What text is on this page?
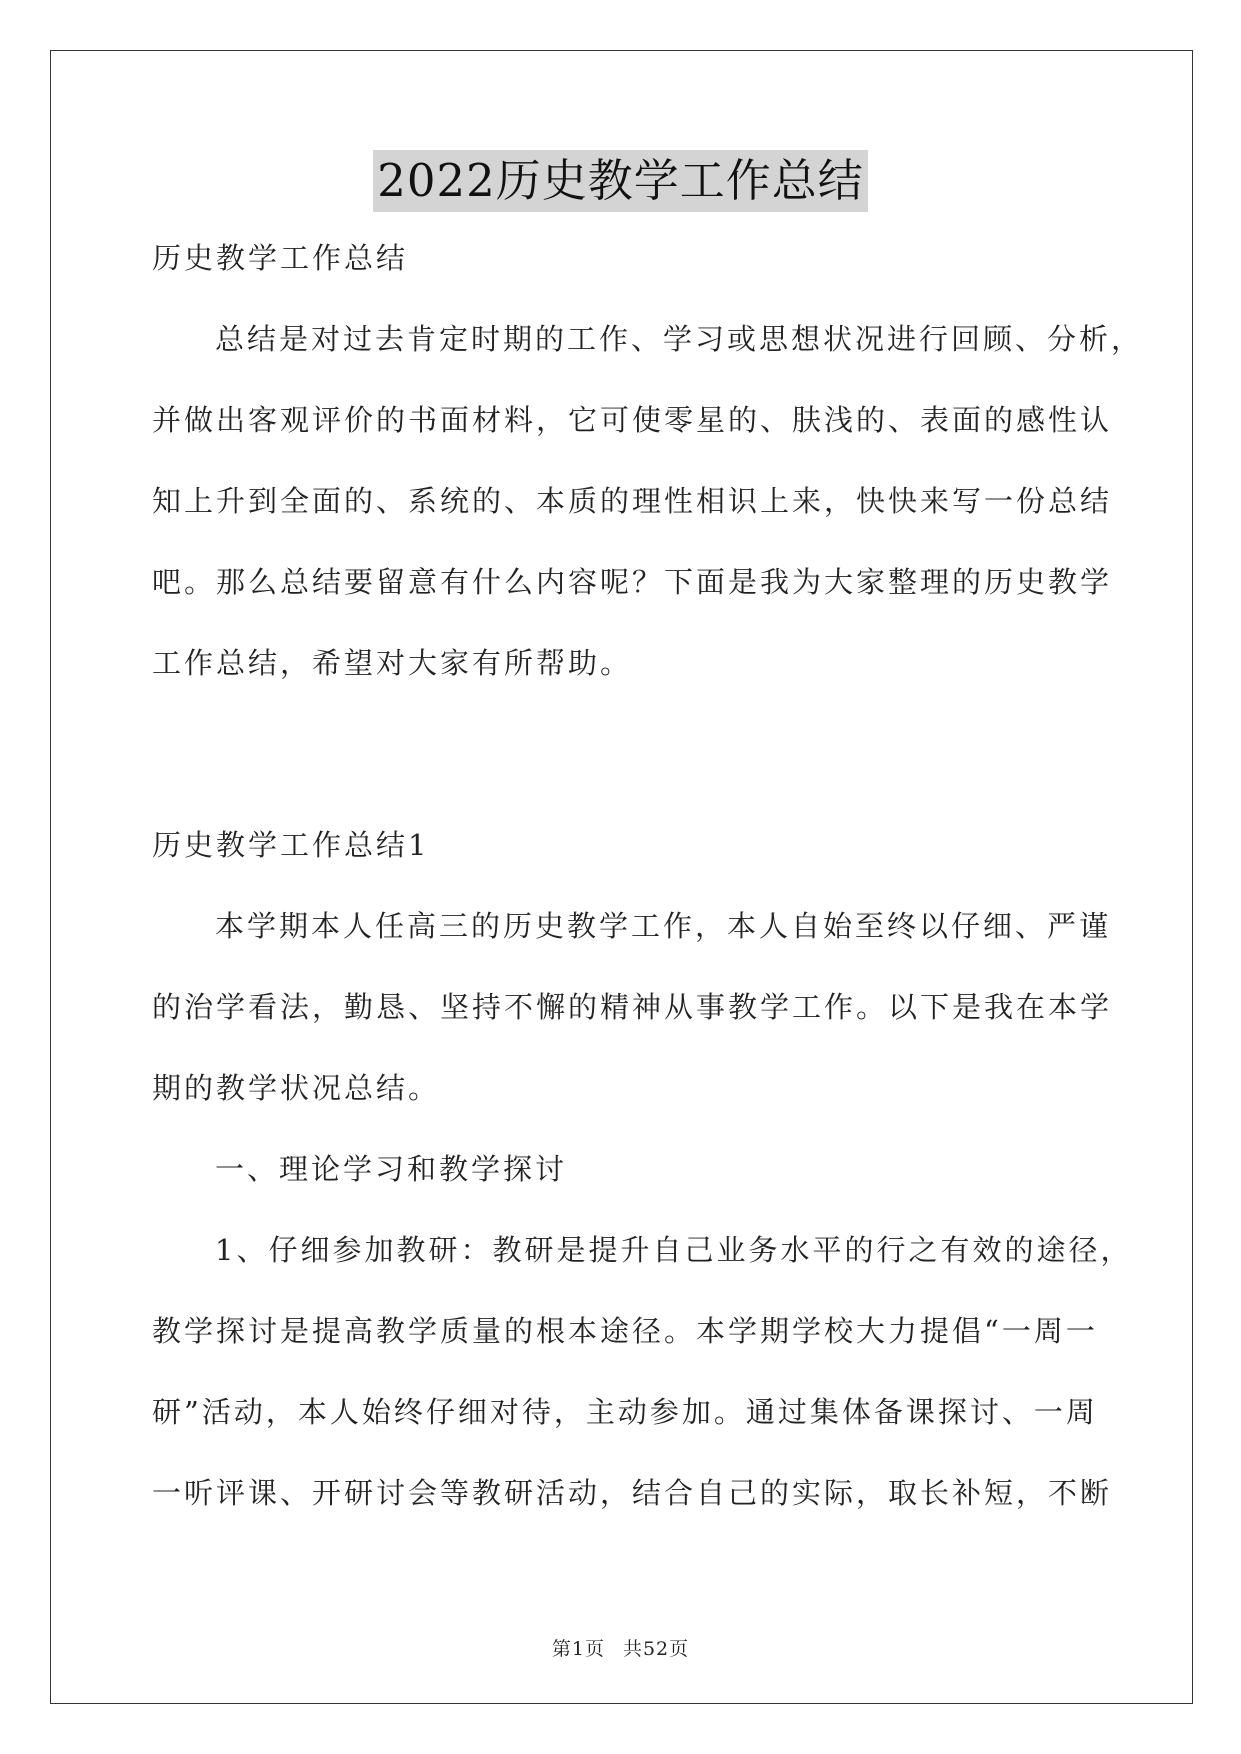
2022历史教学工作总结
历史教学工作总结
总结是对过去肯定时期的工作、学习或思想状况进行回顾、分析，
并做出客观评价的书面材料，它可使零星的、肤浅的、表面的感性认
知上升到全面的、系统的、本质的理性相识上来，快快来写一份总结
吧。那么总结要留意有什么内容呢？下面是我为大家整理的历史教学
工作总结，希望对大家有所帮助。
历史教学工作总结1
本学期本人任高三的历史教学工作，本人自始至终以仔细、严谨
的治学看法，勤恳、坚持不懈的精神从事教学工作。以下是我在本学
期的教学状况总结。
一、理论学习和教学探讨
1、仔细参加教研：教研是提升自己业务水平的行之有效的途径，
教学探讨是提高教学质量的根本途径。本学期学校大力提倡“一周一
研”活动，本人始终仔细对待，主动参加。通过集体备课探讨、一周
一听评课、开研讨会等教研活动，结合自己的实际，取长补短，不断
第1页 共52页
